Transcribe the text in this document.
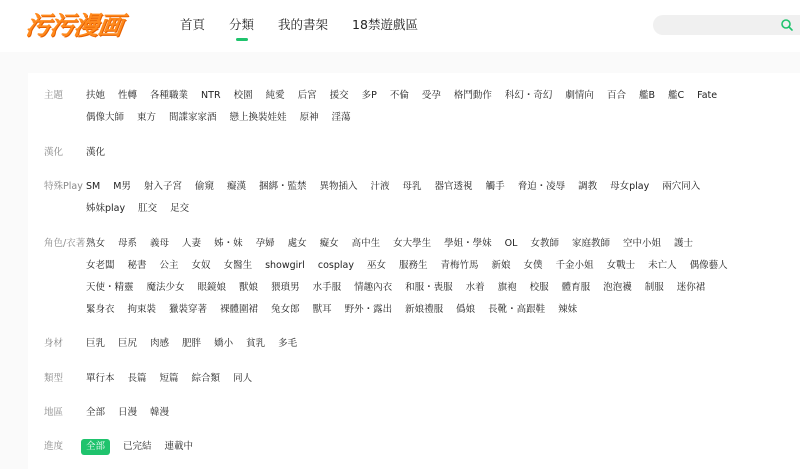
污污漫画	首頁 分類 我的書架 18禁遊戲區
主題 扶她 性轉 各種職業 NTR 校園 純愛 后宮 援交 多P 不倫 受孕 格鬥動作 科幻・奇幻 劇情向 百合 艦B 艦C Fate
偶像大師 東方 間諜家家酒 戀上換裝娃娃 原神 淫蕩
漢化 漢化
特殊Play SM M男 射入子宮 偷窺 癡漢 捆綁・監禁 異物插入 汁液 母乳 器官透視 觸手 脅迫・凌辱 調教 母女play 兩穴同入
姊妹play 肛交 足交
角色/衣著 熟女 母系 義母 人妻 姊・妹 孕婦 處女 癡女 高中生 女大學生 學姐・學妹 OL 女教師 家庭教師 空中小姐 護士
女老闆 秘書 公主 女奴 女醫生 showgirl cosplay 巫女 服務生 青梅竹馬 新娘 女僕 千金小姐 女戰士 未亡人 偶像藝人
天使・精靈 魔法少女 眼鏡娘 獸娘 猥瑣男 水手服 情趣內衣 和服・喪服 水着 旗袍 校服 體育服 泡泡襪 制服 迷你裙
緊身衣 拘束裝 獵裝穿著 裸體圍裙 兔女郎 獸耳 野外・露出 新娘禮服 僞娘 長靴・高跟鞋 辣妹
身材 巨乳 巨尻 肉感 肥胖 嬌小 貧乳 多毛
類型 單行本 長篇 短篇 綜合類 同人
地區 全部 日漫 韓漫
進度	全部	已完結 連載中
